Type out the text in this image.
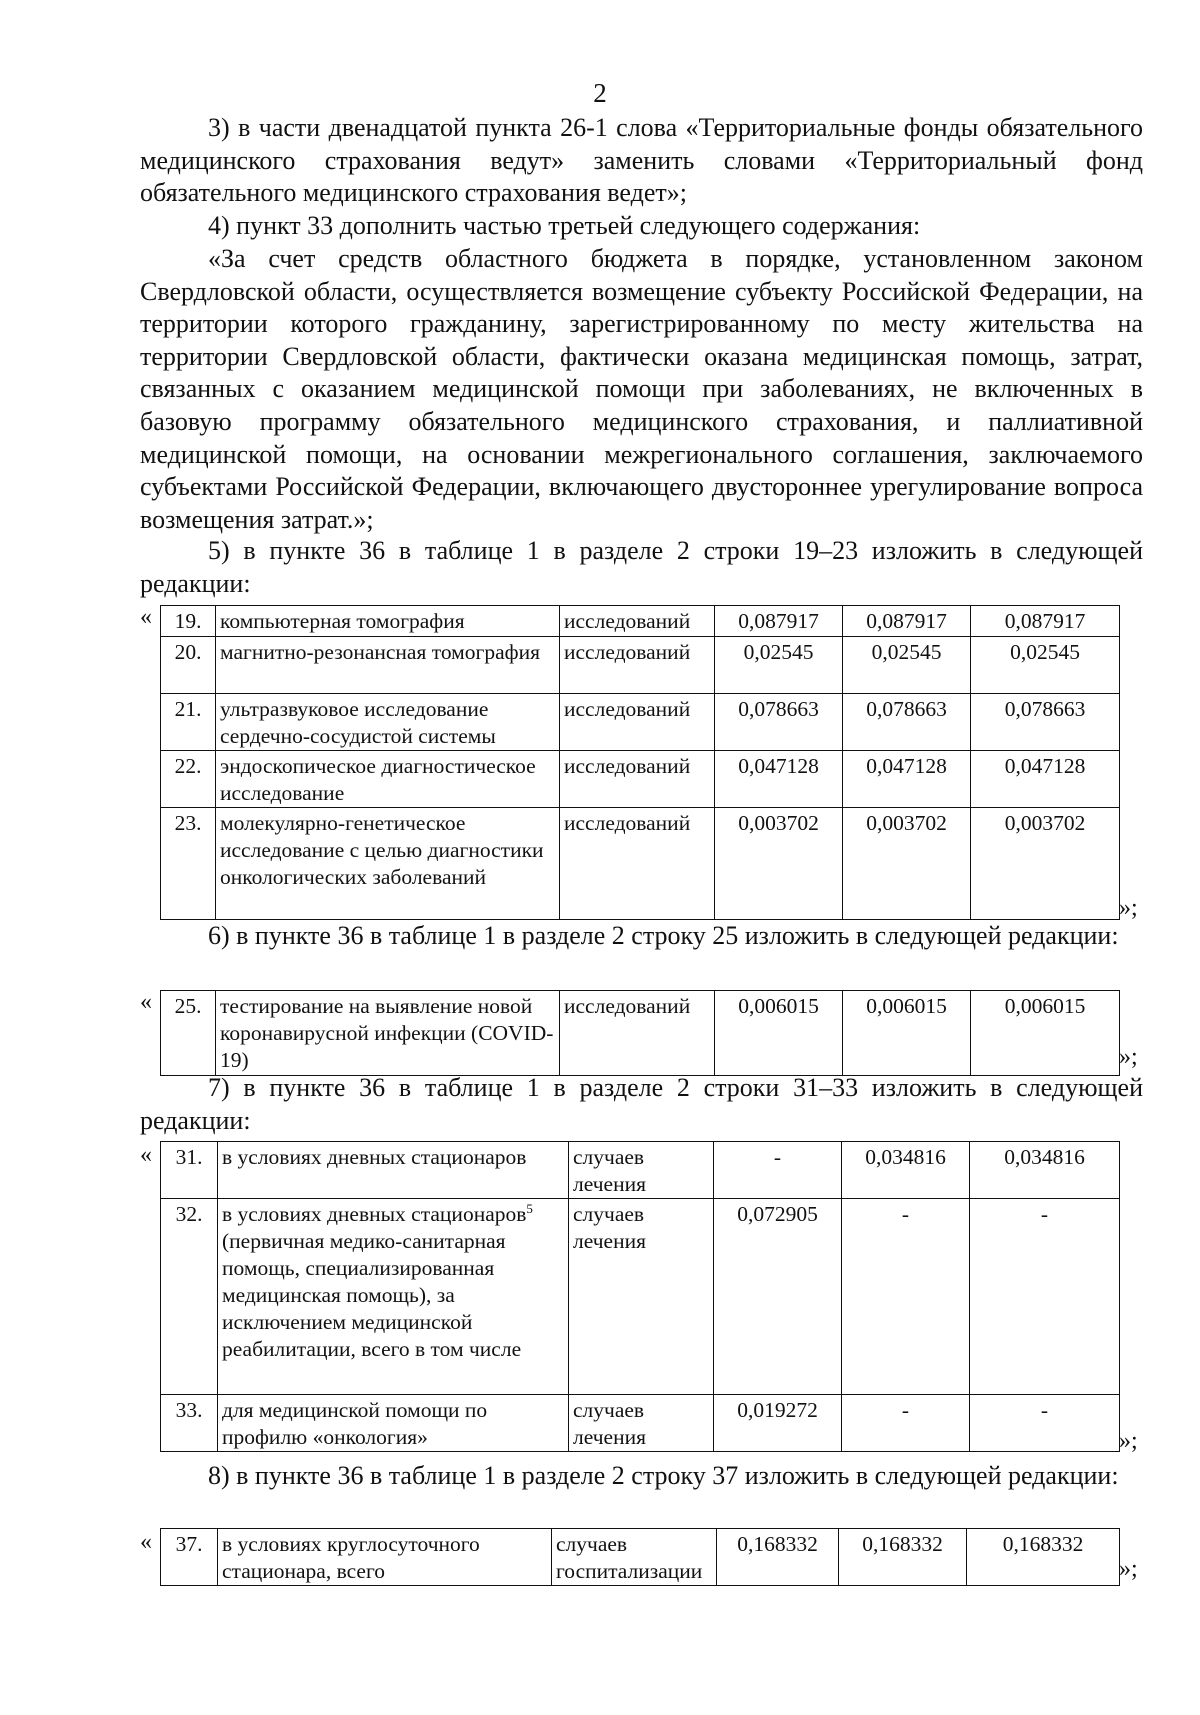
2

3) в части двенадцатой пункта 26-1 слова «Территориальные фонды обязательного медицинского страхования ведут» заменить словами «Территориальный фонд обязательного медицинского страхования ведет»;

4) пункт 33 дополнить частью третьей следующего содержания:

«За счет средств областного бюджета в порядке, установленном законом Свердловской области, осуществляется возмещение субъекту Российской Федерации, на территории которого гражданину, зарегистрированному по месту жительства на территории Свердловской области, фактически оказана медицинская помощь, затрат, связанных с оказанием медицинской помощи при заболеваниях, не включенных в базовую программу обязательного медицинского страхования, и паллиативной медицинской помощи, на основании межрегионального соглашения, заключаемого субъектами Российской Федерации, включающего двустороннее урегулирование вопроса возмещения затрат.»;

5) в пункте 36 в таблице 1 в разделе 2 строки 19–23 изложить в следующей редакции:

« 19.	компьютерная томография	исследований	0,087917	0,087917	0,087917
20.	магнитно-резонансная томография	исследований	0,02545	0,02545	0,02545
21.	ультразвуковое исследование сердечно-сосудистой системы	исследований	0,078663	0,078663	0,078663
22.	эндоскопическое диагностическое исследование	исследований	0,047128	0,047128	0,047128
23.	молекулярно-генетическое исследование с целью диагностики онкологических заболеваний	исследований	0,003702	0,003702	0,003702
»;

6) в пункте 36 в таблице 1 в разделе 2 строку 25 изложить в следующей редакции:

« 25.	тестирование на выявление новой коронавирусной инфекции (COVID-19)	исследований	0,006015	0,006015	0,006015
»;

7) в пункте 36 в таблице 1 в разделе 2 строки 31–33 изложить в следующей редакции:

« 31.	в условиях дневных стационаров	случаев лечения	-	0,034816	0,034816
32.	в условиях дневных стационаров$^5$ (первичная медико-санитарная помощь, специализированная медицинская помощь), за исключением медицинской реабилитации, всего в том числе	случаев лечения	0,072905	-	-
33.	для медицинской помощи по профилю «онкология»	случаев лечения	0,019272	-	-
»;

8) в пункте 36 в таблице 1 в разделе 2 строку 37 изложить в следующей редакции:

« 37.	в условиях круглосуточного стационара, всего	случаев госпитализации	0,168332	0,168332	0,168332
»;
